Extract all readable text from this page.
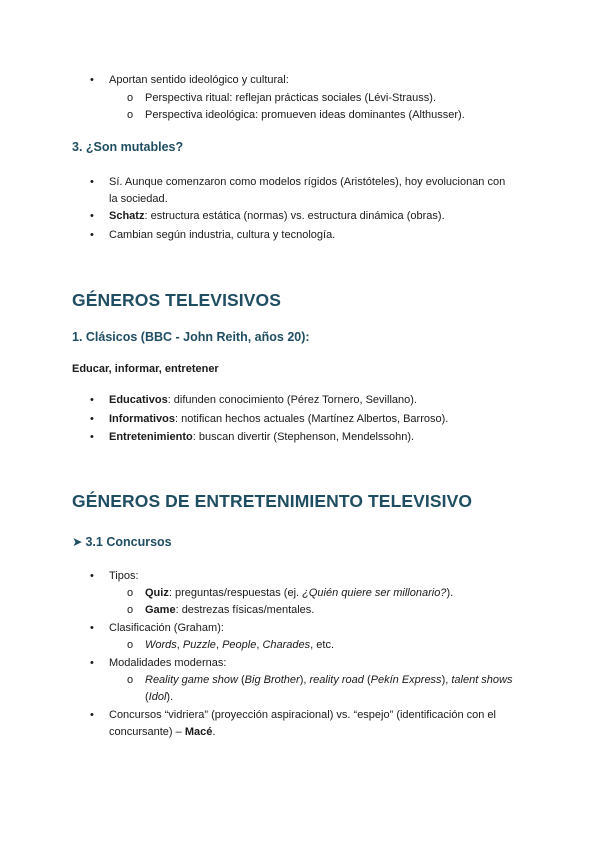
•
Aportan sentido ideológico y cultural:
o
Perspectiva ritual: reflejan prácticas sociales (Lévi-Strauss).
o
Perspectiva ideológica: promueven ideas dominantes (Althusser).
3. ¿Son mutables?
•
Sí. Aunque comenzaron como modelos rígidos (Aristóteles), hoy evolucionan con
la sociedad.
•
Schatz: estructura estática (normas) vs. estructura dinámica (obras).
•
Cambian según industria, cultura y tecnología.
GÉNEROS TELEVISIVOS
1. Clásicos (BBC - John Reith, años 20):
Educar, informar, entretener
•
Educativos: difunden conocimiento (Pérez Tornero, Sevillano).
•
Informativos: notifican hechos actuales (Martínez Albertos, Barroso).
•
Entretenimiento: buscan divertir (Stephenson, Mendelssohn).
GÉNEROS DE ENTRETENIMIENTO TELEVISIVO
➤ 3.1 Concursos
•
Tipos:
o
Quiz: preguntas/respuestas (ej. ¿Quién quiere ser millonario?).
o
Game: destrezas físicas/mentales.
•
Clasificación (Graham):
o
Words, Puzzle, People, Charades, etc.
•
Modalidades modernas:
o
Reality game show (Big Brother), reality road (Pekín Express), talent shows
(Idol).
•
Concursos “vidriera” (proyección aspiracional) vs. “espejo” (identificación con el
concursante) – Macé.
